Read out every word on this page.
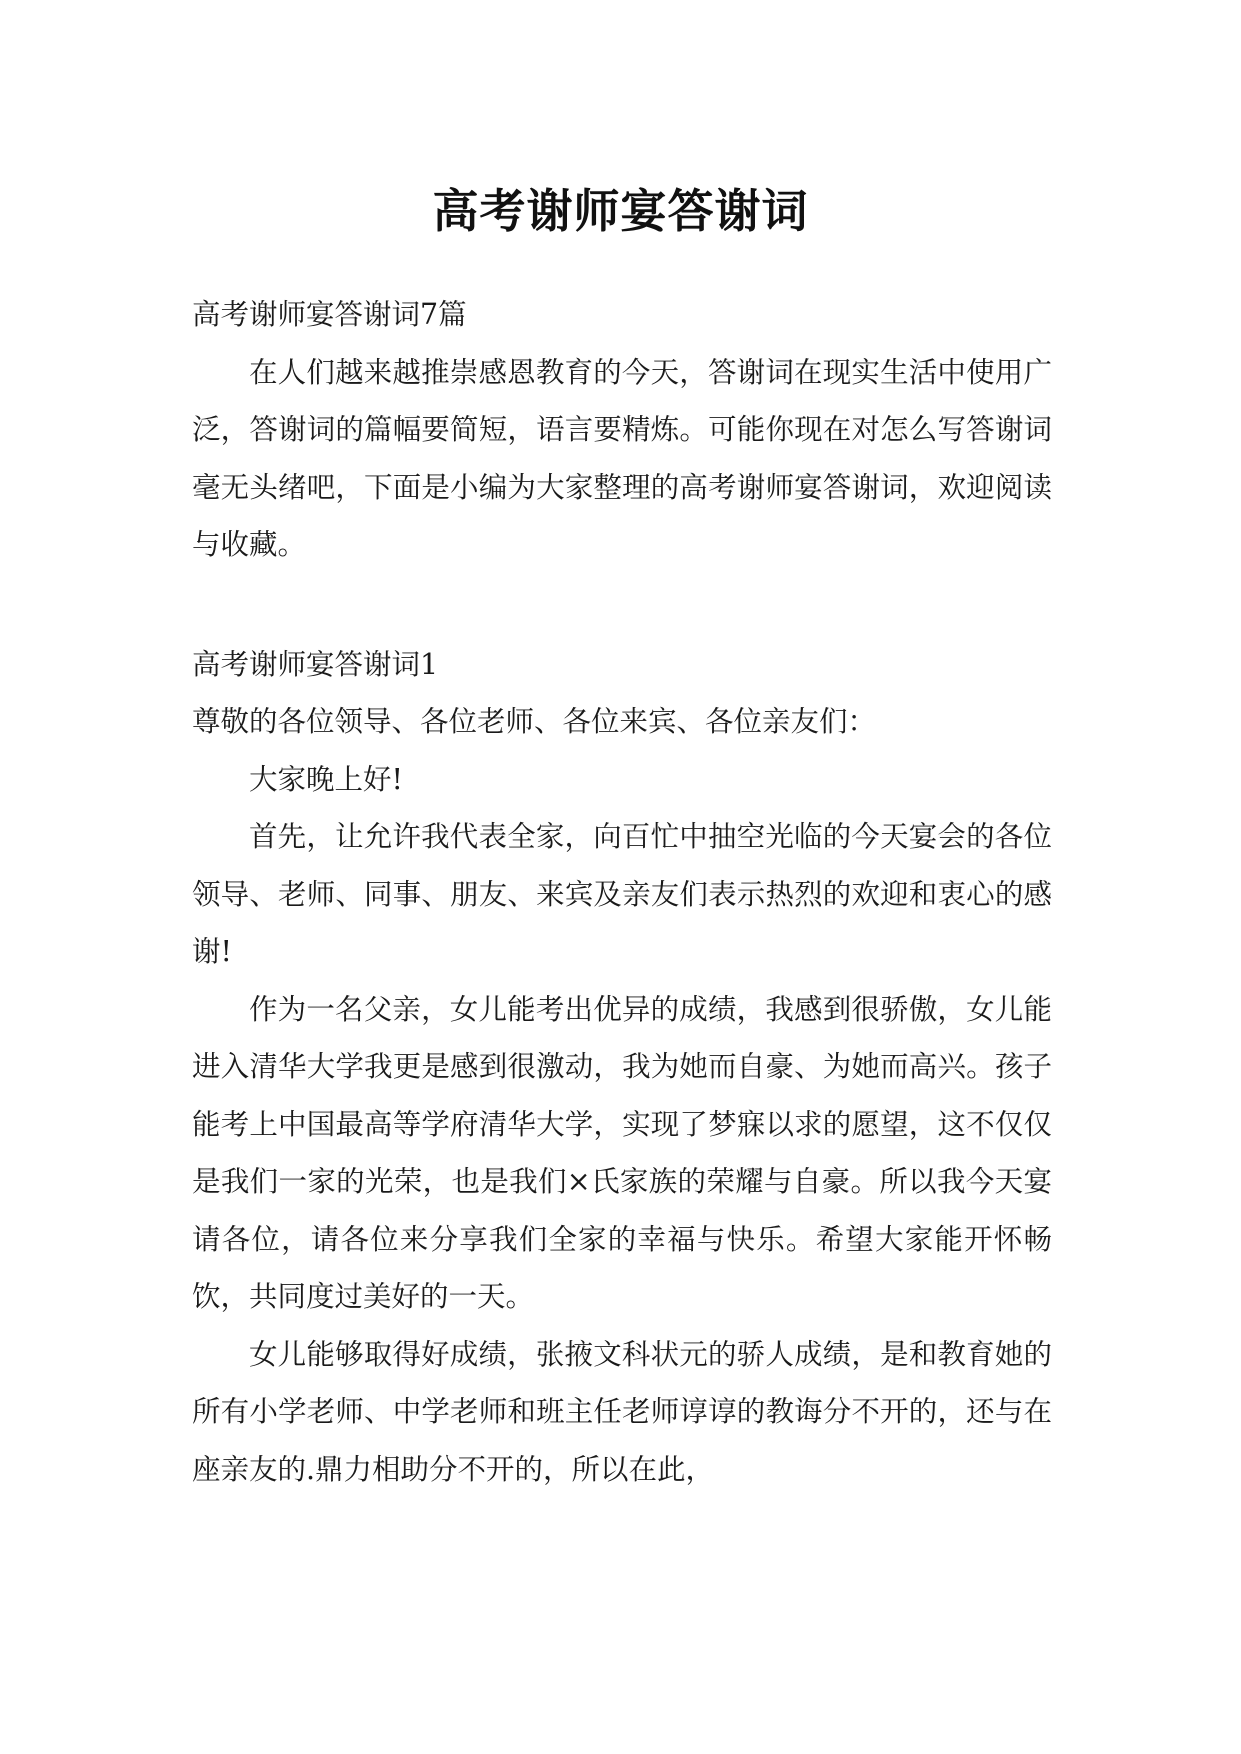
高考谢师宴答谢词

高考谢师宴答谢词7篇

在人们越来越推崇感恩教育的今天，答谢词在现实生活中使用广泛，答谢词的篇幅要简短，语言要精炼。可能你现在对怎么写答谢词毫无头绪吧，下面是小编为大家整理的高考谢师宴答谢词，欢迎阅读与收藏。

高考谢师宴答谢词1

尊敬的各位领导、各位老师、各位来宾、各位亲友们：

大家晚上好!

首先，让允许我代表全家，向百忙中抽空光临的今天宴会的各位领导、老师、同事、朋友、来宾及亲友们表示热烈的欢迎和衷心的感谢!

作为一名父亲，女儿能考出优异的成绩，我感到很骄傲，女儿能进入清华大学我更是感到很激动，我为她而自豪、为她而高兴。孩子能考上中国最高等学府清华大学，实现了梦寐以求的愿望，这不仅仅是我们一家的光荣，也是我们×氏家族的荣耀与自豪。所以我今天宴请各位，请各位来分享我们全家的幸福与快乐。希望大家能开怀畅饮，共同度过美好的一天。

女儿能够取得好成绩，张掖文科状元的骄人成绩，是和教育她的所有小学老师、中学老师和班主任老师谆谆的教诲分不开的，还与在座亲友的.鼎力相助分不开的，所以在此，
